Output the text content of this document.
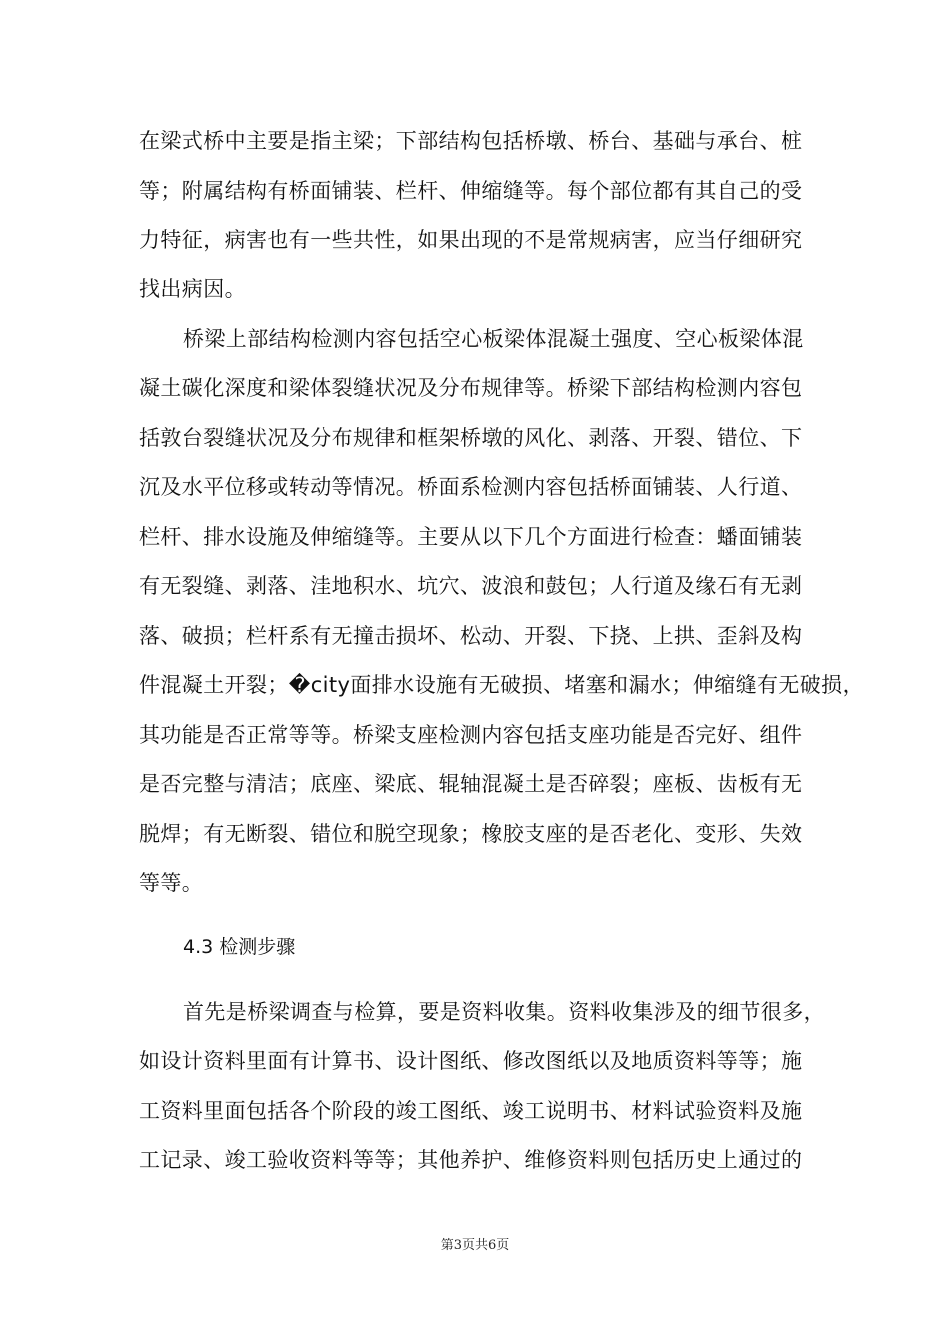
在梁式桥中主要是指主梁；下部结构包括桥墩、桥台、基础与承台、桩
等；附属结构有桥面铺装、栏杆、伸缩缝等。每个部位都有其自己的受
力特征，病害也有一些共性，如果出现的不是常规病害，应当仔细研究
找出病因。
桥梁上部结构检测内容包括空心板梁体混凝土强度、空心板梁体混
凝土碳化深度和梁体裂缝状况及分布规律等。桥梁下部结构检测内容包
括敦台裂缝状况及分布规律和框架桥墩的风化、剥落、开裂、错位、下
沉及水平位移或转动等情况。桥面系检测内容包括桥面铺装、人行道、
栏杆、排水设施及伸缩缝等。主要从以下几个方面进行检查：蟠面铺装
有无裂缝、剥落、洼地积水、坑穴、波浪和鼓包；人行道及缘石有无剥
落、破损；栏杆系有无撞击损坏、松动、开裂、下挠、上拱、歪斜及构
件混凝土开裂；�city面排水设施有无破损、堵塞和漏水；伸缩缝有无破损，
其功能是否正常等等。桥梁支座检测内容包括支座功能是否完好、组件
是否完整与清洁；底座、梁底、辊轴混凝土是否碎裂；座板、齿板有无
脱焊；有无断裂、错位和脱空现象；橡胶支座的是否老化、变形、失效
等等。
4.3 检测步骤
首先是桥梁调查与检算，要是资料收集。资料收集涉及的细节很多，
如设计资料里面有计算书、设计图纸、修改图纸以及地质资料等等；施
工资料里面包括各个阶段的竣工图纸、竣工说明书、材料试验资料及施
工记录、竣工验收资料等等；其他养护、维修资料则包括历史上通过的
第3页共6页
